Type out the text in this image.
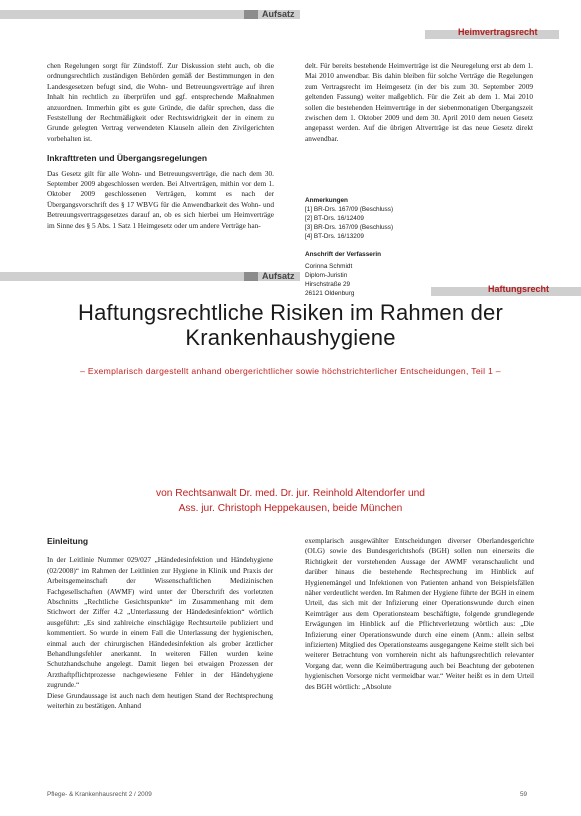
Aufsatz
Heimvertragsrecht

chen Regelungen sorgt für Zündstoff. Zur Diskussion steht auch, ob die ordnungsrechtlich zuständigen Behörden gemäß der Bestimmungen in den Landesgesetzen befugt sind, die Wohn- und Betreuungsverträge auf ihren Inhalt hin rechtlich zu überprüfen und ggf. entsprechende Maßnahmen anzuordnen. Immerhin gibt es gute Gründe, die dafür sprechen, dass die Feststellung der Rechtmäßigkeit oder Rechtswidrigkeit der in einem zu Grunde gelegten Vertrag verwendeten Klauseln allein den Zivilgerichten vorbehalten ist.

Inkrafttreten und Übergangsregelungen

Das Gesetz gilt für alle Wohn- und Betreuungsverträge, die nach dem 30. September 2009 abgeschlossen werden. Bei Altverträgen, mithin vor dem 1. Oktober 2009 geschlossenen Verträgen, kommt es nach der Übergangsvorschrift des § 17 WBVG für die Anwendbarkeit des Wohn- und Betreuungsvertragsgesetzes darauf an, ob es sich hierbei um Heimverträge im Sinne des § 5 Abs. 1 Satz 1 Heimgesetz oder um andere Verträge han-

delt. Für bereits bestehende Heimverträge ist die Neuregelung erst ab dem 1. Mai 2010 anwendbar. Bis dahin bleiben für solche Verträge die Regelungen zum Vertragsrecht im Heimgesetz (in der bis zum 30. September 2009 geltenden Fassung) weiter maßgeblich. Für die Zeit ab dem 1. Mai 2010 sollen die bestehenden Heimverträge in der siebenmonatigen Übergangszeit zwischen dem 1. Oktober 2009 und dem 30. April 2010 dem neuen Gesetz angepasst werden. Auf die übrigen Altverträge ist das neue Gesetz direkt anwendbar.

Anmerkungen
[1] BR-Drs. 167/09 (Beschluss)
[2] BT-Drs. 16/12409
[3] BR-Drs. 167/09 (Beschluss)
[4] BT-Drs. 16/13209
Anschrift der Verfasserin
Corinna Schmidt
Diplom-Juristin
Hirschstraße 29
26121 Oldenburg
Aufsatz
Haftungsrecht
Haftungsrechtliche Risiken im Rahmen der
Krankenhaushygiene
– Exemplarisch dargestellt anhand obergerichtlicher sowie höchstrichterlicher Entscheidungen, Teil 1 –
von Rechtsanwalt Dr. med. Dr. jur. Reinhold Altendorfer und
Ass. jur. Christoph Heppekausen, beide München
Einleitung

In der Leitlinie Nummer 029/027 „Händedesinfektion und Händehygiene (02/2008)“ im Rahmen der Leitlinien zur Hygiene in Klinik und Praxis der Arbeitsgemeinschaft der Wissenschaftlichen Medizinischen Fachgesellschaften (AWMF) wird unter der Überschrift des vorletzten Abschnitts „Rechtliche Gesichtspunkte“ im Zusammenhang mit dem Stichwort der Ziffer 4.2 „Unterlassung der Händedesinfektion“ wörtlich ausgeführt: „Es sind zahlreiche einschlägige Rechtsurteile publiziert und kommentiert. So wurde in einem Fall die Unterlassung der hygienischen, einmal auch der chirurgischen Händedesinfektion als grober ärztlicher Behandlungsfehler anerkannt. In weiteren Fällen wurden keine Schutzhandschuhe angelegt. Damit liegen bei etwaigen Prozessen der Arzthaftpflichtprozesse nachgewiesene Fehler in der Händehygiene zugrunde.“

Diese Grundaussage ist auch nach dem heutigen Stand der Rechtsprechung weiterhin zu bestätigen. Anhand

exemplarisch ausgewählter Entscheidungen diverser Oberlandesgerichte (OLG) sowie des Bundesgerichtshofs (BGH) sollen nun einerseits die Richtigkeit der vorstehenden Aussage der AWMF veranschaulicht und darüber hinaus die bestehende Rechtsprechung im Hinblick auf Hygienemängel und Infektionen von Patienten anhand von Beispielsfällen näher verdeutlicht werden. Im Rahmen der Hygiene führte der BGH in einem Urteil, das sich mit der Infizierung einer Operationswunde durch einen Keimträger aus dem Operationsteam beschäftigte, folgende grundlegende Erwägungen im Hinblick auf die Pflichtverletzung wörtlich aus: „Die Infizierung einer Operationswunde durch eine einem (Anm.: allein selbst infizierten) Mitglied des Operationsteams ausgegangene Keime stellt sich bei weiterer Betrachtung von vornherein nicht als haftungsrechtlich relevanter Vorgang dar, wenn die Keimübertragung auch bei Beachtung der gebotenen hygienischen Vorsorge nicht vermeidbar war.“ Weiter heißt es in dem Urteil des BGH wörtlich: „Absolute

Pflege- & Krankenhausrecht 2 / 2009	59
